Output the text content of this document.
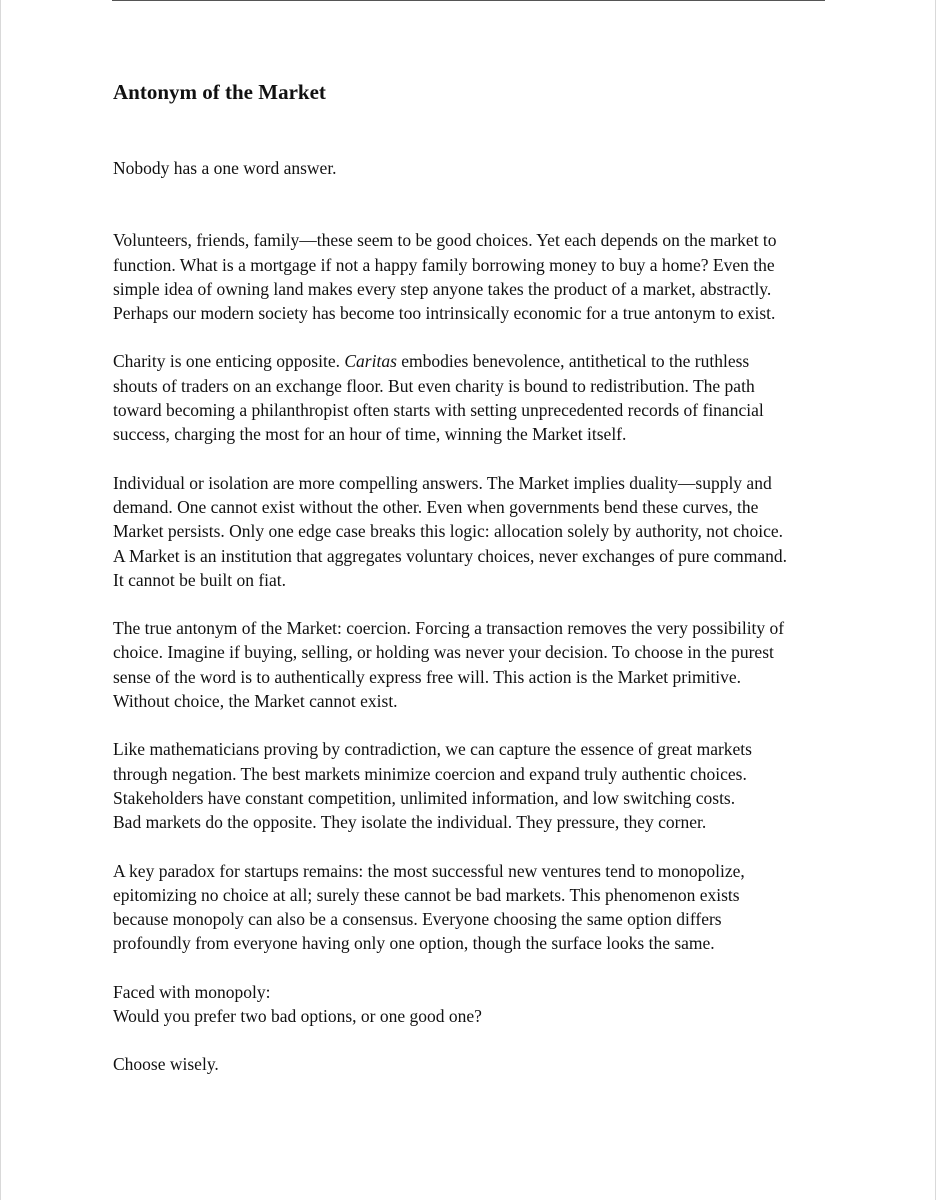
Antonym of the Market
Nobody has a one word answer.
Volunteers, friends, family—these seem to be good choices. Yet each depends on the market to
function. What is a mortgage if not a happy family borrowing money to buy a home? Even the
simple idea of owning land makes every step anyone takes the product of a market, abstractly.
Perhaps our modern society has become too intrinsically economic for a true antonym to exist.
Charity is one enticing opposite. Caritas embodies benevolence, antithetical to the ruthless
shouts of traders on an exchange floor. But even charity is bound to redistribution. The path
toward becoming a philanthropist often starts with setting unprecedented records of financial
success, charging the most for an hour of time, winning the Market itself.
Individual or isolation are more compelling answers. The Market implies duality—supply and
demand. One cannot exist without the other. Even when governments bend these curves, the
Market persists. Only one edge case breaks this logic: allocation solely by authority, not choice.
A Market is an institution that aggregates voluntary choices, never exchanges of pure command.
It cannot be built on fiat.
The true antonym of the Market: coercion. Forcing a transaction removes the very possibility of
choice. Imagine if buying, selling, or holding was never your decision. To choose in the purest
sense of the word is to authentically express free will. This action is the Market primitive.
Without choice, the Market cannot exist.
Like mathematicians proving by contradiction, we can capture the essence of great markets
through negation. The best markets minimize coercion and expand truly authentic choices.
Stakeholders have constant competition, unlimited information, and low switching costs.
Bad markets do the opposite. They isolate the individual. They pressure, they corner.
A key paradox for startups remains: the most successful new ventures tend to monopolize,
epitomizing no choice at all; surely these cannot be bad markets. This phenomenon exists
because monopoly can also be a consensus. Everyone choosing the same option differs
profoundly from everyone having only one option, though the surface looks the same.
Faced with monopoly:
Would you prefer two bad options, or one good one?
Choose wisely.
